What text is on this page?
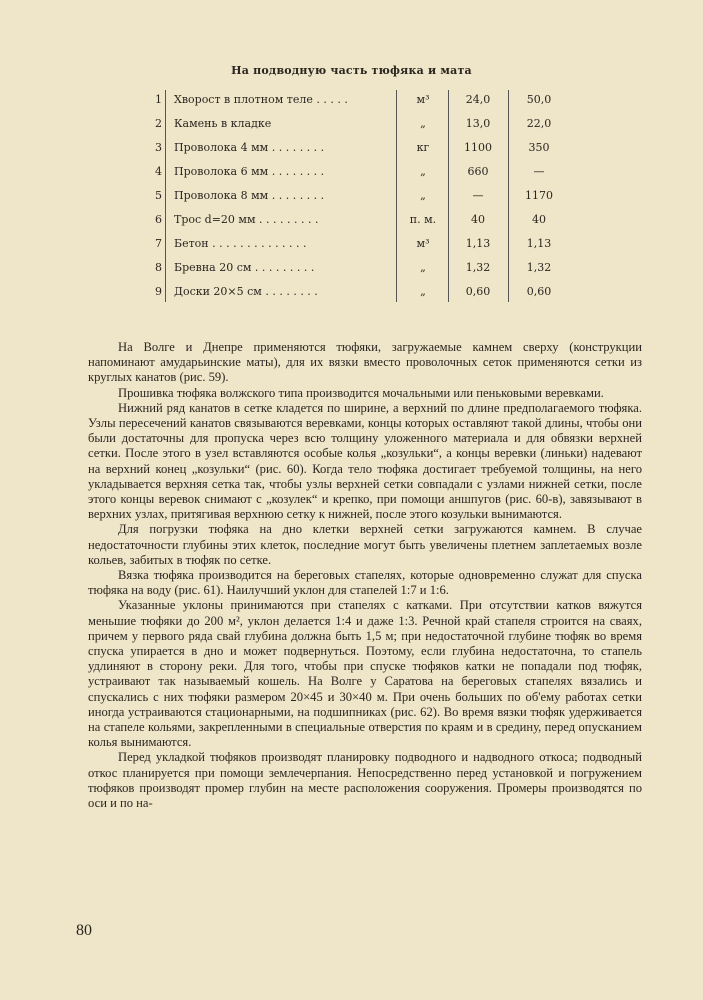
На подводную часть тюфяка и мата
1 Хворост в плотном теле . . . . .	м³	24,0	50,0
2 Камень в кладке	„	13,0	22,0
3 Проволока 4 мм . . . . . . . .	кг	1100	350
4 Проволока 6 мм . . . . . . . .	„	660	—
5 Проволока 8 мм . . . . . . . .	„	—	1170
6 Трос d=20 мм . . . . . . . . .	п. м.	40	40
7 Бетон . . . . . . . . . . . . . .	м³	1,13	1,13
8 Бревна 20 см . . . . . . . . .	„	1,32	1,32
9 Доски 20×5 см . . . . . . . .	„	0,60	0,60

На Волге и Днепре применяются тюфяки, загружаемые камнем сверху (конструкции напоминают амударьинские маты), для их вязки вместо проволочных сеток применяются сетки из круглых канатов (рис. 59).

Прошивка тюфяка волжского типа производится мочальными или пеньковыми веревками.

Нижний ряд канатов в сетке кладется по ширине, а верхний по длине предполагаемого тюфяка. Узлы пересечений канатов связываются веревками, концы которых оставляют такой длины, чтобы они были достаточны для пропуска через всю толщину уложенного материала и для обвязки верхней сетки. После этого в узел вставляются особые колья „козульки“, а концы веревки (линьки) надевают на верхний конец „козульки“ (рис. 60). Когда тело тюфяка достигает требуемой толщины, на него укладывается верхняя сетка так, чтобы узлы верхней сетки совпадали с узлами нижней сетки, после этого концы веревок снимают с „козулек“ и крепко, при помощи аншпугов (рис. 60-в), завязывают в верхних узлах, притягивая верхнюю сетку к нижней, после этого козульки вынимаются.

Для погрузки тюфяка на дно клетки верхней сетки загружаются камнем. В случае недостаточности глубины этих клеток, последние могут быть увеличены плетнем заплетаемых возле кольев, забитых в тюфяк по сетке.

Вязка тюфяка производится на береговых стапелях, которые одновременно служат для спуска тюфяка на воду (рис. 61). Наилучший уклон для стапелей 1:7 и 1:6.

Указанные уклоны принимаются при стапелях с катками. При отсутствии катков вяжутся меньшие тюфяки до 200 м², уклон делается 1:4 и даже 1:3. Речной край стапеля строится на сваях, причем у первого ряда свай глубина должна быть 1,5 м; при недостаточной глубине тюфяк во время спуска упирается в дно и может подвернуться. Поэтому, если глубина недостаточна, то стапель удлиняют в сторону реки. Для того, чтобы при спуске тюфяков катки не попадали под тюфяк, устраивают так называемый кошель. На Волге у Саратова на береговых стапелях вязались и спускались с них тюфяки размером 20×45 и 30×40 м. При очень больших по об'ему работах сетки иногда устраиваются стационарными, на подшипниках (рис. 62). Во время вязки тюфяк удерживается на стапеле кольями, закрепленными в специальные отверстия по краям и в средину, перед опусканием колья вынимаются.

Перед укладкой тюфяков производят планировку подводного и надводного откоса; подводный откос планируется при помощи землечерпания. Непосредственно перед установкой и погружением тюфяков производят промер глубин на месте расположения сооружения. Промеры производятся по оси и по на-

80
